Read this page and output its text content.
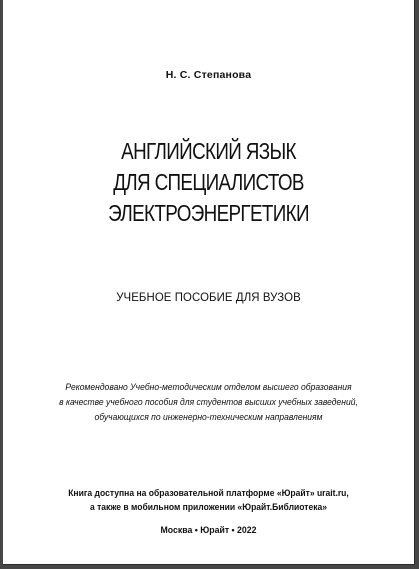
Н. С. Степанова
АНГЛИЙСКИЙ ЯЗЫК
ДЛЯ СПЕЦИАЛИСТОВ
ЭЛЕКТРОЭНЕРГЕТИКИ
УЧЕБНОЕ ПОСОБИЕ ДЛЯ ВУЗОВ
Рекомендовано Учебно-методическим отделом высшего образования
в качестве учебного пособия для студентов высших учебных заведений,
обучающихся по инженерно-техническим направлениям
Книга доступна на образовательной платформе «Юрайт» urait.ru,
а также в мобильном приложении «Юрайт.Библиотека»
Москва • Юрайт • 2022
